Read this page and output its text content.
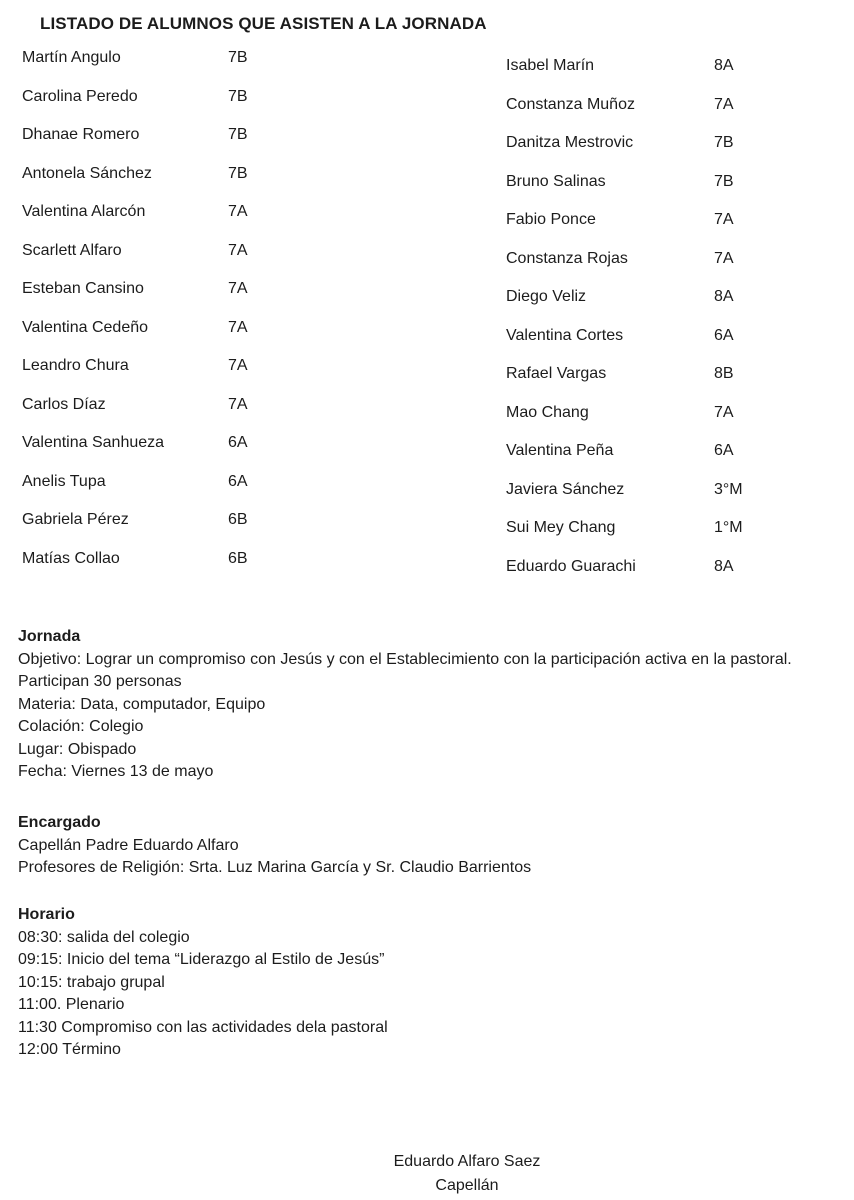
LISTADO DE ALUMNOS QUE ASISTEN A LA JORNADA
Martín Angulo	7B
Carolina Peredo	7B
Dhanae Romero	7B
Antonela Sánchez	7B
Valentina Alarcón	7A
Scarlett Alfaro	7A
Esteban Cansino	7A
Valentina Cedeño	7A
Leandro Chura	7A
Carlos Díaz	7A
Valentina Sanhueza	6A
Anelis Tupa	6A
Gabriela Pérez	6B
Matías Collao	6B
Isabel Marín	8A
Constanza Muñoz	7A
Danitza Mestrovic	7B
Bruno Salinas	7B
Fabio Ponce	7A
Constanza Rojas	7A
Diego Veliz	8A
Valentina Cortes	6A
Rafael Vargas	8B
Mao Chang	7A
Valentina Peña	6A
Javiera Sánchez	3°M
Sui Mey Chang	1°M
Eduardo Guarachi	8A
Jornada
Objetivo: Lograr un compromiso con Jesús y con el Establecimiento con la participación activa en la pastoral.
Participan 30 personas
Materia: Data, computador, Equipo
Colación: Colegio
Lugar: Obispado
Fecha: Viernes 13 de mayo
Encargado
Capellán Padre Eduardo Alfaro
Profesores de Religión: Srta. Luz Marina García y Sr. Claudio Barrientos
Horario
08:30: salida del colegio
09:15: Inicio del tema “Liderazgo al Estilo de Jesús”
10:15: trabajo grupal
11:00. Plenario
11:30 Compromiso con las actividades dela pastoral
12:00 Término
Eduardo Alfaro Saez
Capellán
